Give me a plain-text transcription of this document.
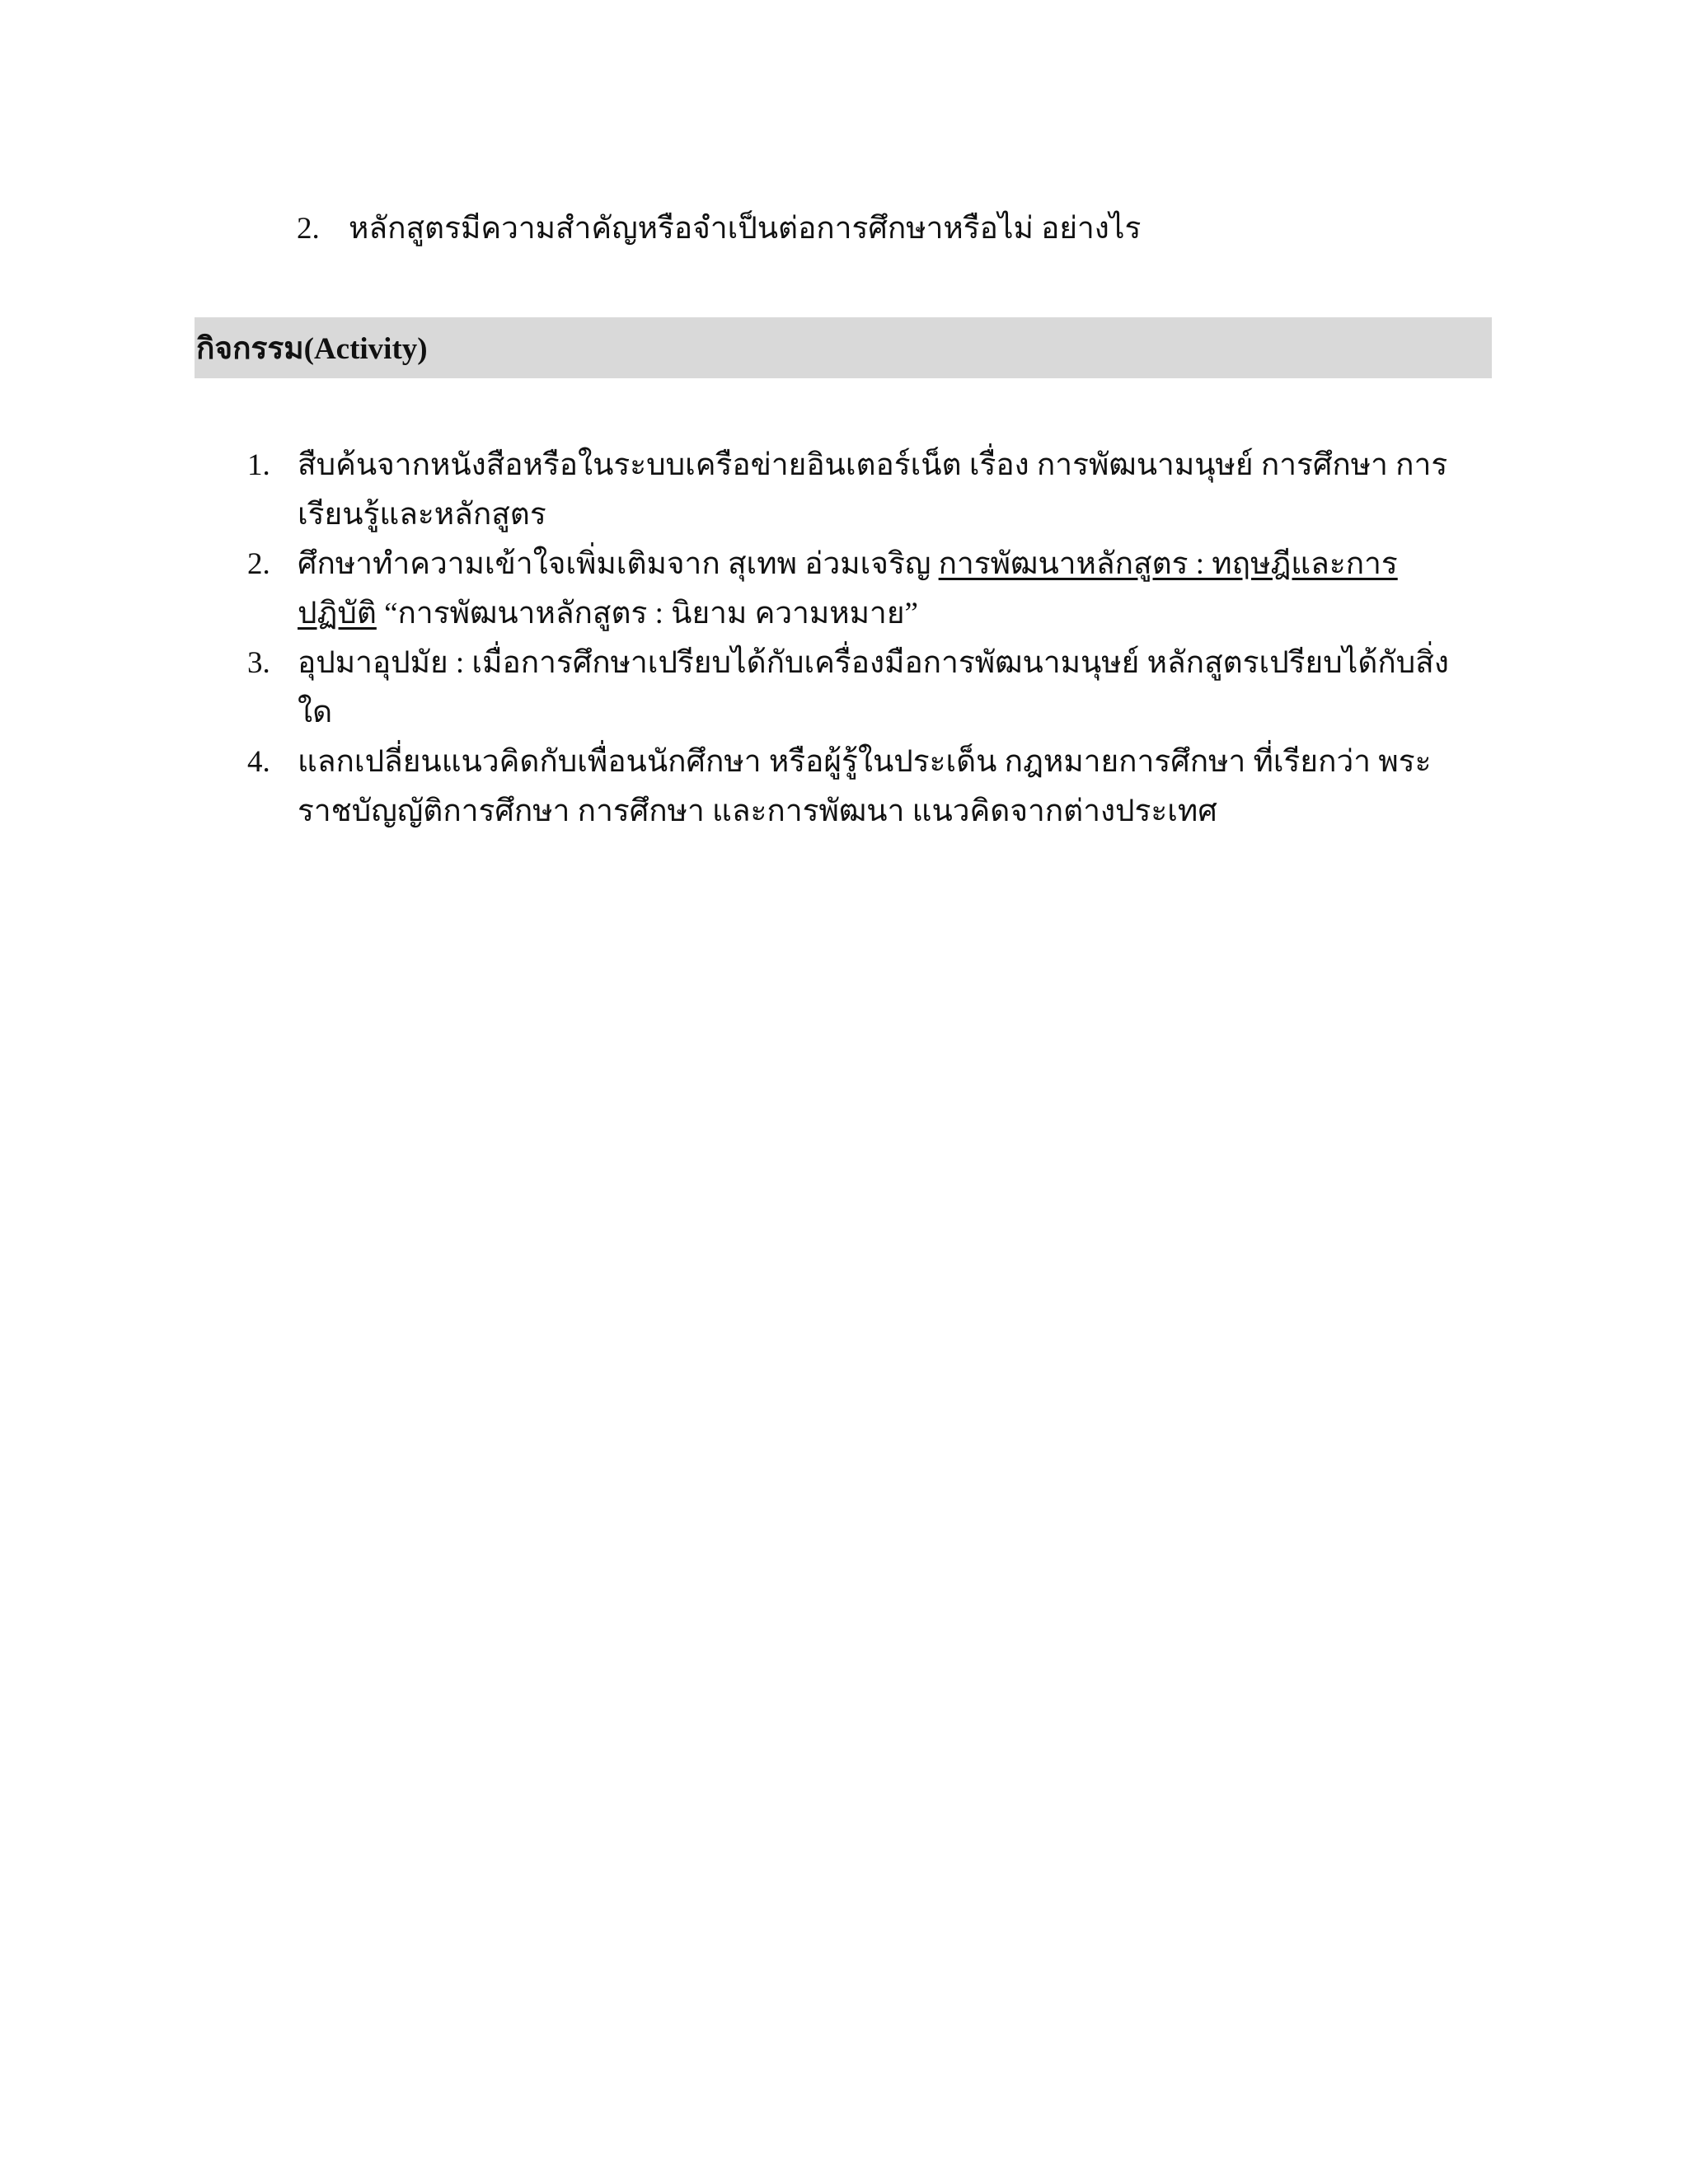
2. หลักสูตรมีความสำคัญหรือจำเป็นต่อการศึกษาหรือไม่ อย่างไร
กิจกรรม(Activity)
1. สืบค้นจากหนังสือหรือในระบบเครือข่ายอินเตอร์เน็ต เรื่อง การพัฒนามนุษย์ การศึกษา การเรียนรู้และหลักสูตร
2. ศึกษาทำความเข้าใจเพิ่มเติมจาก สุเทพ อ่วมเจริญ การพัฒนาหลักสูตร : ทฤษฎีและการปฏิบัติ “การพัฒนาหลักสูตร : นิยาม ความหมาย”
3. อุปมาอุปมัย : เมื่อการศึกษาเปรียบได้กับเครื่องมือการพัฒนามนุษย์ หลักสูตรเปรียบได้กับสิ่งใด
4. แลกเปลี่ยนแนวคิดกับเพื่อนนักศึกษา หรือผู้รู้ในประเด็น กฎหมายการศึกษา ที่เรียกว่า พระราชบัญญัติการศึกษา การศึกษา และการพัฒนา แนวคิดจากต่างประเทศ
